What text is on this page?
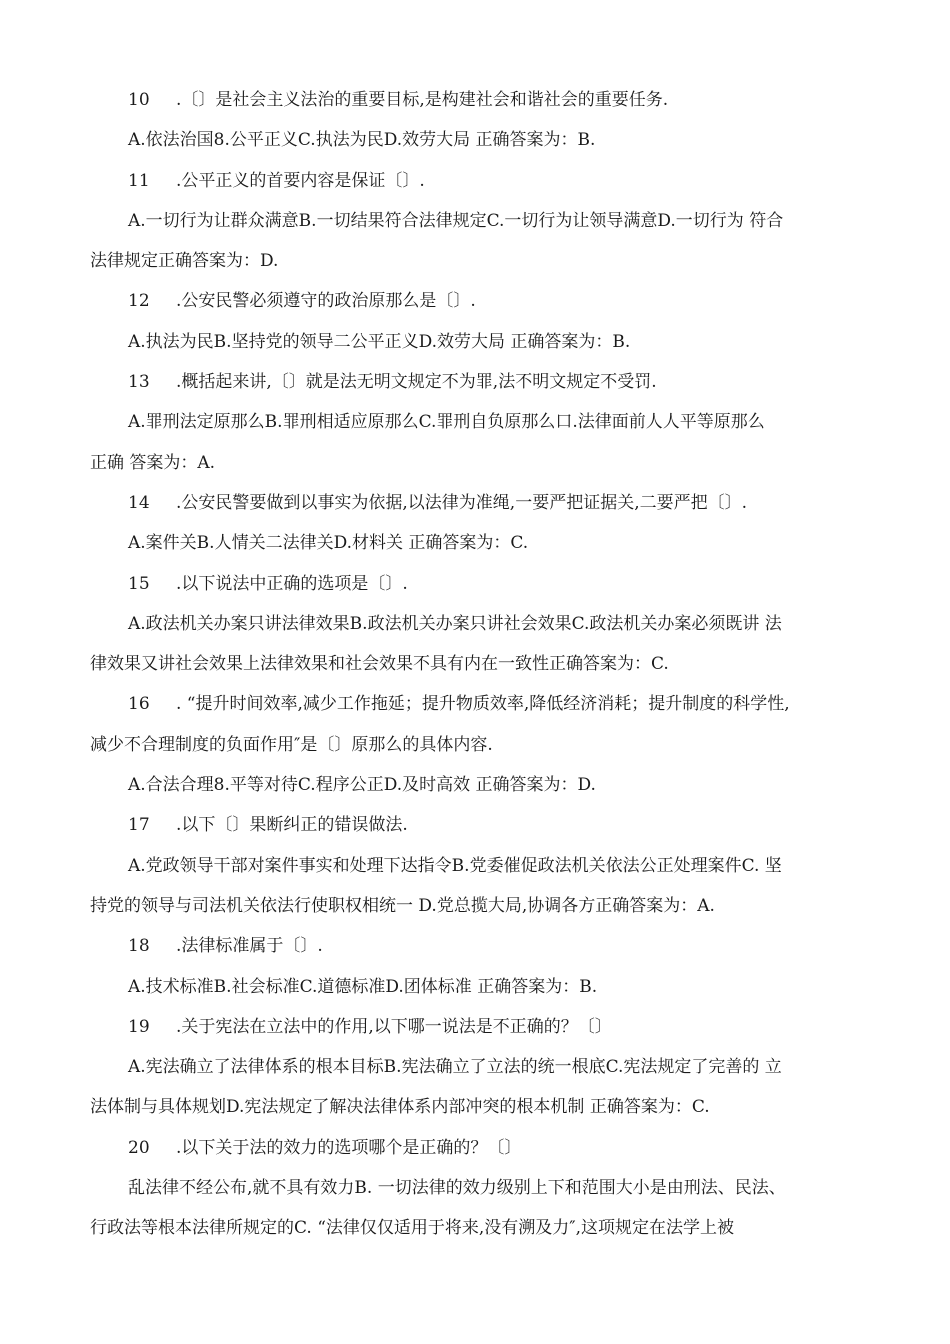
10 .〔〕是社会主义法治的重要目标,是构建社会和谐社会的重要任务.
A.依法治国8.公平正义C.执法为民D.效劳大局 正确答案为：B.
11 .公平正义的首要内容是保证〔〕.
A.一切行为让群众满意B.一切结果符合法律规定C.一切行为让领导满意D.一切行为 符合
法律规定正确答案为：D.
12 .公安民警必须遵守的政治原那么是〔〕.
A.执法为民B.坚持党的领导二公平正义D.效劳大局 正确答案为：B.
13 .概括起来讲,〔〕就是法无明文规定不为罪,法不明文规定不受罚.
A.罪刑法定原那么B.罪刑相适应原那么C.罪刑自负原那么口.法律面前人人平等原那么
正确 答案为：A.
14 .公安民警要做到以事实为依据,以法律为准绳,一要严把证据关,二要严把〔〕.
A.案件关B.人情关二法律关D.材料关 正确答案为：C.
15 .以下说法中正确的选项是〔〕.
A.政法机关办案只讲法律效果B.政法机关办案只讲社会效果C.政法机关办案必须既讲 法
律效果又讲社会效果上法律效果和社会效果不具有内在一致性正确答案为：C.
16 . “提升时间效率,减少工作拖延；提升物质效率,降低经济消耗；提升制度的科学性,
减少不合理制度的负面作用″是〔〕原那么的具体内容.
A.合法合理8.平等对待C.程序公正D.及时高效 正确答案为：D.
17 .以下〔〕果断纠正的错误做法.
A.党政领导干部对案件事实和处理下达指令B.党委催促政法机关依法公正处理案件C. 坚
持党的领导与司法机关依法行使职权相统一 D.党总揽大局,协调各方正确答案为：A.
18 .法律标准属于〔〕.
A.技术标准B.社会标准C.道德标准D.团体标准 正确答案为：B.
19 .关于宪法在立法中的作用,以下哪一说法是不正确的？〔〕
A.宪法确立了法律体系的根本目标B.宪法确立了立法的统一根底C.宪法规定了完善的 立
法体制与具体规划D.宪法规定了解决法律体系内部冲突的根本机制 正确答案为：C.
20 .以下关于法的效力的选项哪个是正确的？〔〕
乱法律不经公布,就不具有效力B. 一切法律的效力级别上下和范围大小是由刑法、民法、
行政法等根本法律所规定的C. “法律仅仅适用于将来,没有溯及力″,这项规定在法学上被
